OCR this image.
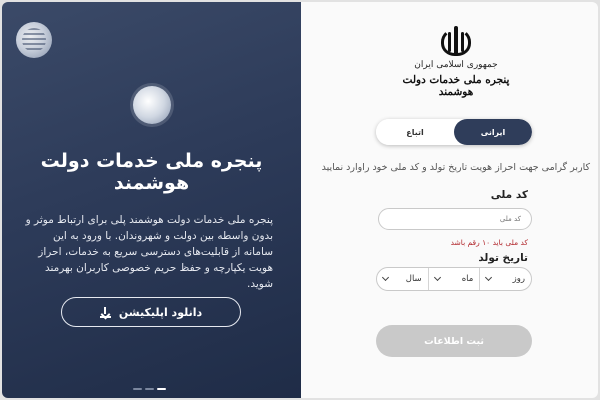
پنجره ملی خدمات دولت هوشمند
پنجره ملی خدمات دولت هوشمند پلی برای ارتباط موثر و بدون واسطه بین دولت و شهروندان. با ورود به این سامانه از قابلیت‌های دسترسی سریع به خدمات، احراز هویت یکپارچه و حفظ حریم خصوصی کاربران بهرمند شوید.
دانلود اپلیکیشن
جمهوری اسلامی ایران
پنجره ملی خدمات دولت هوشمند
اتباع	ایرانی
کاربر گرامی جهت احراز هویت تاریخ تولد و کد ملی خود راوارد نمایید
کد ملی
کد ملی
کد ملی باید ۱۰ رقم باشد
تاریخ تولد
روز
ماه
سال
ثبت اطلاعات
